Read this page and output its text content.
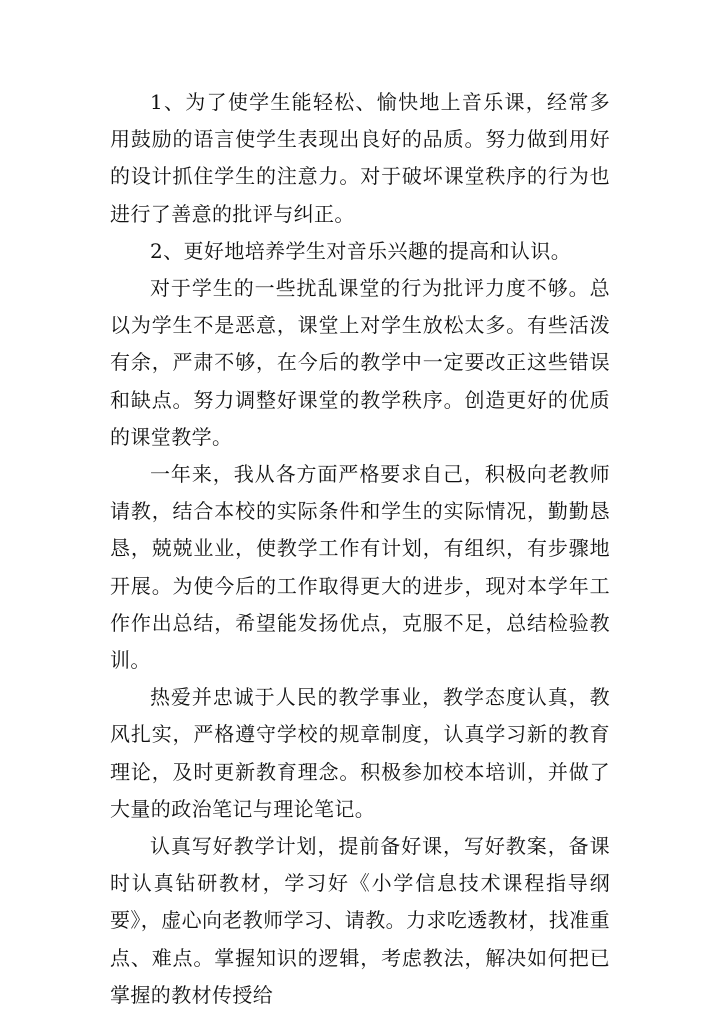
1、为了使学生能轻松、愉快地上音乐课，经常多用鼓励的语言使学生表现出良好的品质。努力做到用好的设计抓住学生的注意力。对于破坏课堂秩序的行为也进行了善意的批评与纠正。

2、更好地培养学生对音乐兴趣的提高和认识。

对于学生的一些扰乱课堂的行为批评力度不够。总以为学生不是恶意，课堂上对学生放松太多。有些活泼有余，严肃不够，在今后的教学中一定要改正这些错误和缺点。努力调整好课堂的教学秩序。创造更好的优质的课堂教学。

一年来，我从各方面严格要求自己，积极向老教师请教，结合本校的实际条件和学生的实际情况，勤勤恳恳，兢兢业业，使教学工作有计划，有组织，有步骤地开展。为使今后的工作取得更大的进步，现对本学年工作作出总结，希望能发扬优点，克服不足，总结检验教训。

热爱并忠诚于人民的教学事业，教学态度认真，教风扎实，严格遵守学校的规章制度，认真学习新的教育理论，及时更新教育理念。积极参加校本培训，并做了大量的政治笔记与理论笔记。

认真写好教学计划，提前备好课，写好教案，备课时认真钻研教材，学习好《小学信息技术课程指导纲要》，虚心向老教师学习、请教。力求吃透教材，找准重点、难点。掌握知识的逻辑，考虑教法，解决如何把已掌握的教材传授给
